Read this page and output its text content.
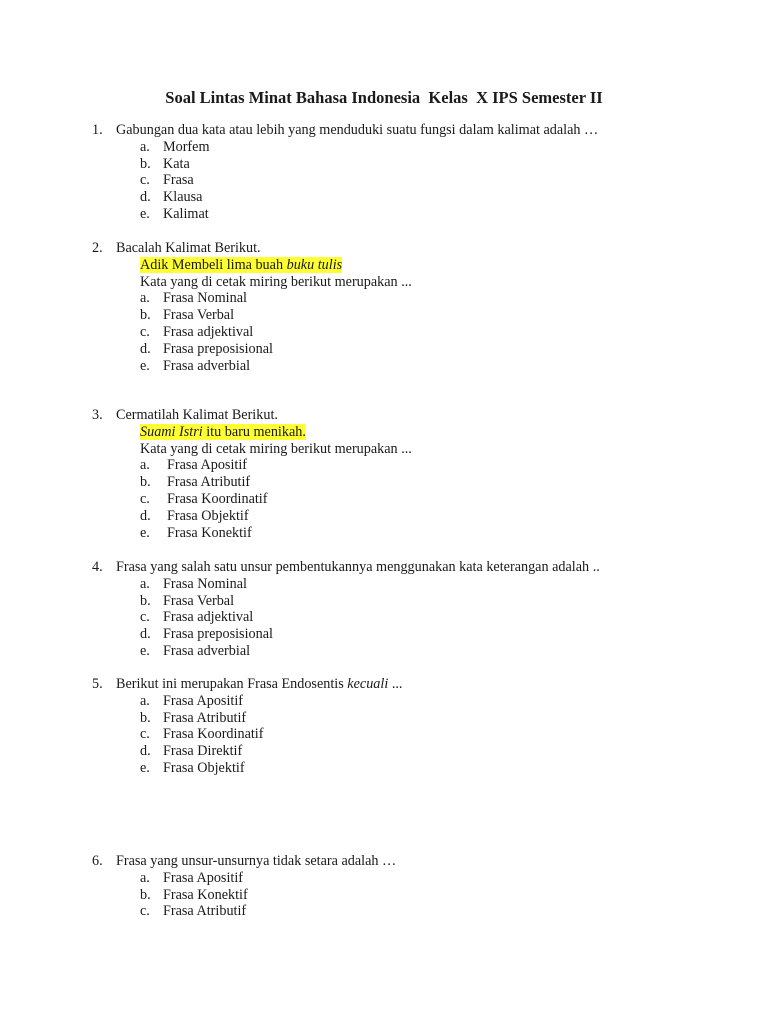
Soal Lintas Minat Bahasa Indonesia  Kelas  X IPS Semester II
1. Gabungan dua kata atau lebih yang menduduki suatu fungsi dalam kalimat adalah …
a. Morfem
b. Kata
c. Frasa
d. Klausa
e. Kalimat
2. Bacalah Kalimat Berikut.
Adik Membeli lima buah buku tulis
Kata yang di cetak miring berikut merupakan ...
a. Frasa Nominal
b. Frasa Verbal
c. Frasa adjektival
d. Frasa preposisional
e. Frasa adverbial
3. Cermatilah Kalimat Berikut.
Suami Istri itu baru menikah.
Kata yang di cetak miring berikut merupakan ...
a. Frasa Apositif
b. Frasa Atributif
c. Frasa Koordinatif
d. Frasa Objektif
e. Frasa Konektif
4. Frasa yang salah satu unsur pembentukannya menggunakan kata keterangan adalah ..
a. Frasa Nominal
b. Frasa Verbal
c. Frasa adjektival
d. Frasa preposisional
e. Frasa adverbial
5. Berikut ini merupakan Frasa Endosentis kecuali ...
a. Frasa Apositif
b. Frasa Atributif
c. Frasa Koordinatif
d. Frasa Direktif
e. Frasa Objektif
6. Frasa yang unsur-unsurnya tidak setara adalah …
a. Frasa Apositif
b. Frasa Konektif
c. Frasa Atributif
